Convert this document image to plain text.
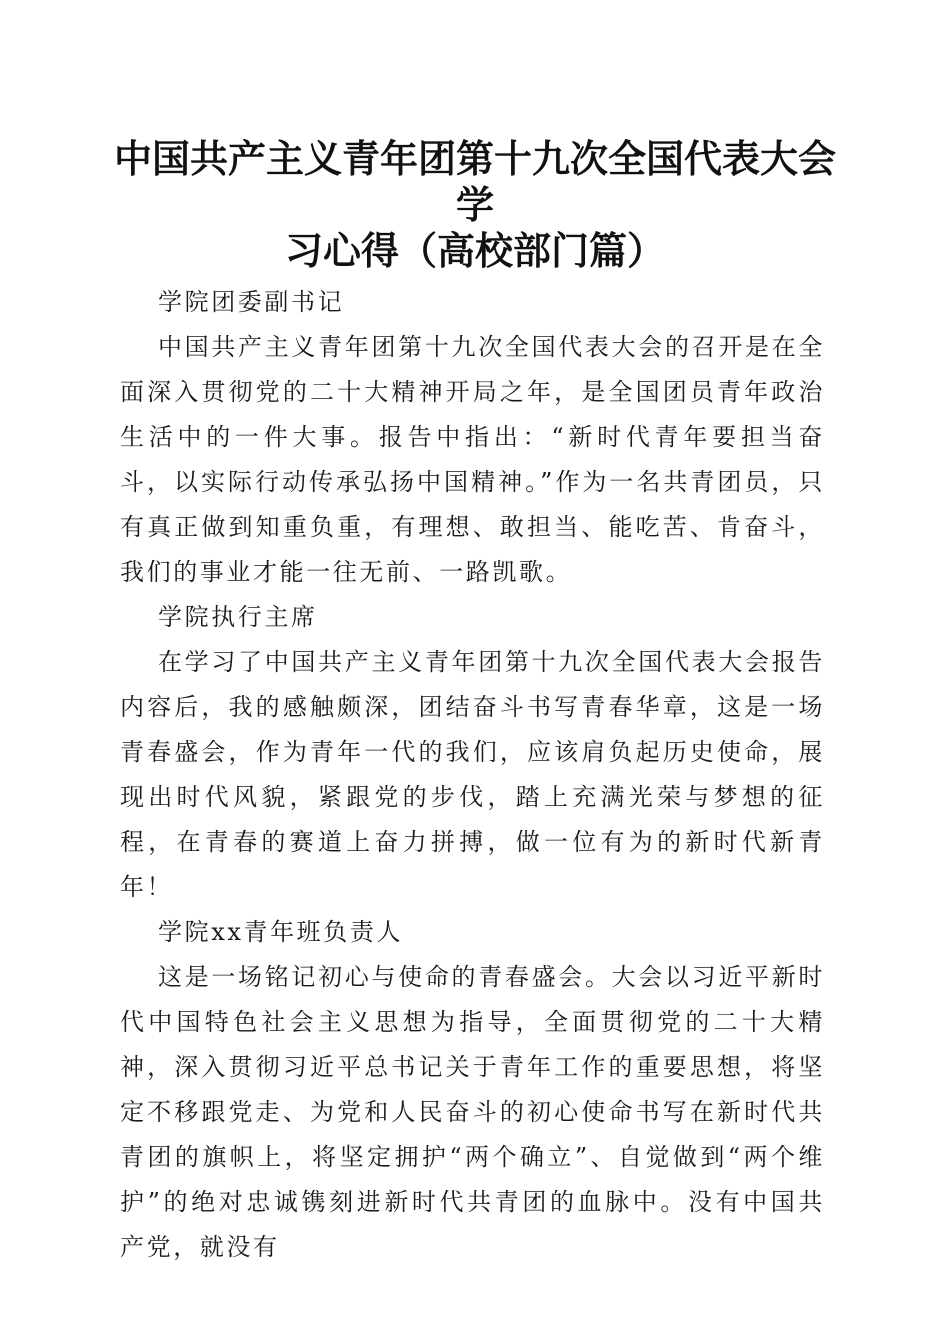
中国共产主义青年团第十九次全国代表大会学
习心得（高校部门篇）

学院团委副书记

中国共产主义青年团第十九次全国代表大会的召开是在全面深入贯彻党的二十大精神开局之年，是全国团员青年政治生活中的一件大事。报告中指出：“新时代青年要担当奋斗，以实际行动传承弘扬中国精神。”作为一名共青团员，只有真正做到知重负重，有理想、敢担当、能吃苦、肯奋斗，我们的事业才能一往无前、一路凯歌。

学院执行主席

在学习了中国共产主义青年团第十九次全国代表大会报告内容后，我的感触颇深，团结奋斗书写青春华章，这是一场青春盛会，作为青年一代的我们，应该肩负起历史使命，展现出时代风貌，紧跟党的步伐，踏上充满光荣与梦想的征程，在青春的赛道上奋力拼搏，做一位有为的新时代新青年！

学院xx青年班负责人

这是一场铭记初心与使命的青春盛会。大会以习近平新时代中国特色社会主义思想为指导，全面贯彻党的二十大精神，深入贯彻习近平总书记关于青年工作的重要思想，将坚定不移跟党走、为党和人民奋斗的初心使命书写在新时代共青团的旗帜上，将坚定拥护“两个确立”、自觉做到“两个维护”的绝对忠诚镌刻进新时代共青团的血脉中。没有中国共产党，就没有
